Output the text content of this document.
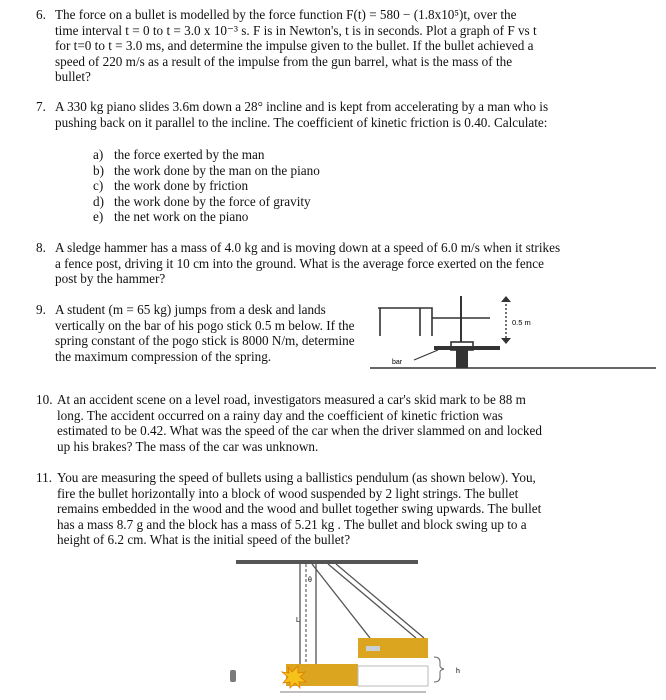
6. The force on a bullet is modelled by the force function F(t) = 580 − (1.8x10⁵)t, over the
time interval t = 0 to t = 3.0 x 10⁻³ s. F is in Newton's, t is in seconds. Plot a graph of F vs t
for t=0 to t = 3.0 ms, and determine the impulse given to the bullet. If the bullet achieved a
speed of 220 m/s as a result of the impulse from the gun barrel, what is the mass of the
bullet?
7. A 330 kg piano slides 3.6m down a 28° incline and is kept from accelerating by a man who is
pushing back on it parallel to the incline. The coefficient of kinetic friction is 0.40. Calculate:
a) the force exerted by the man
b) the work done by the man on the piano
c) the work done by friction
d) the work done by the force of gravity
e) the net work on the piano
8. A sledge hammer has a mass of 4.0 kg and is moving down at a speed of 6.0 m/s when it strikes
a fence post, driving it 10 cm into the ground. What is the average force exerted on the fence
post by the hammer?
9. A student (m = 65 kg) jumps from a desk and lands
vertically on the bar of his pogo stick 0.5 m below. If the
spring constant of the pogo stick is 8000 N/m, determine
the maximum compression of the spring.	bar
0.5 m
10. At an accident scene on a level road, investigators measured a car's skid mark to be 88 m
long. The accident occurred on a rainy day and the coefficient of kinetic friction was
estimated to be 0.42. What was the speed of the car when the driver slammed on and locked
up his brakes? The mass of the car was unknown.
11. You are measuring the speed of bullets using a ballistics pendulum (as shown below). You,
fire the bullet horizontally into a block of wood suspended by 2 light strings. The bullet
remains embedded in the wood and the wood and bullet together swing upwards. The bullet
has a mass 8.7 g and the block has a mass of 5.21 kg . The bullet and block swing up to a
height of 6.2 cm. What is the initial speed of the bullet?
θ
L
h
